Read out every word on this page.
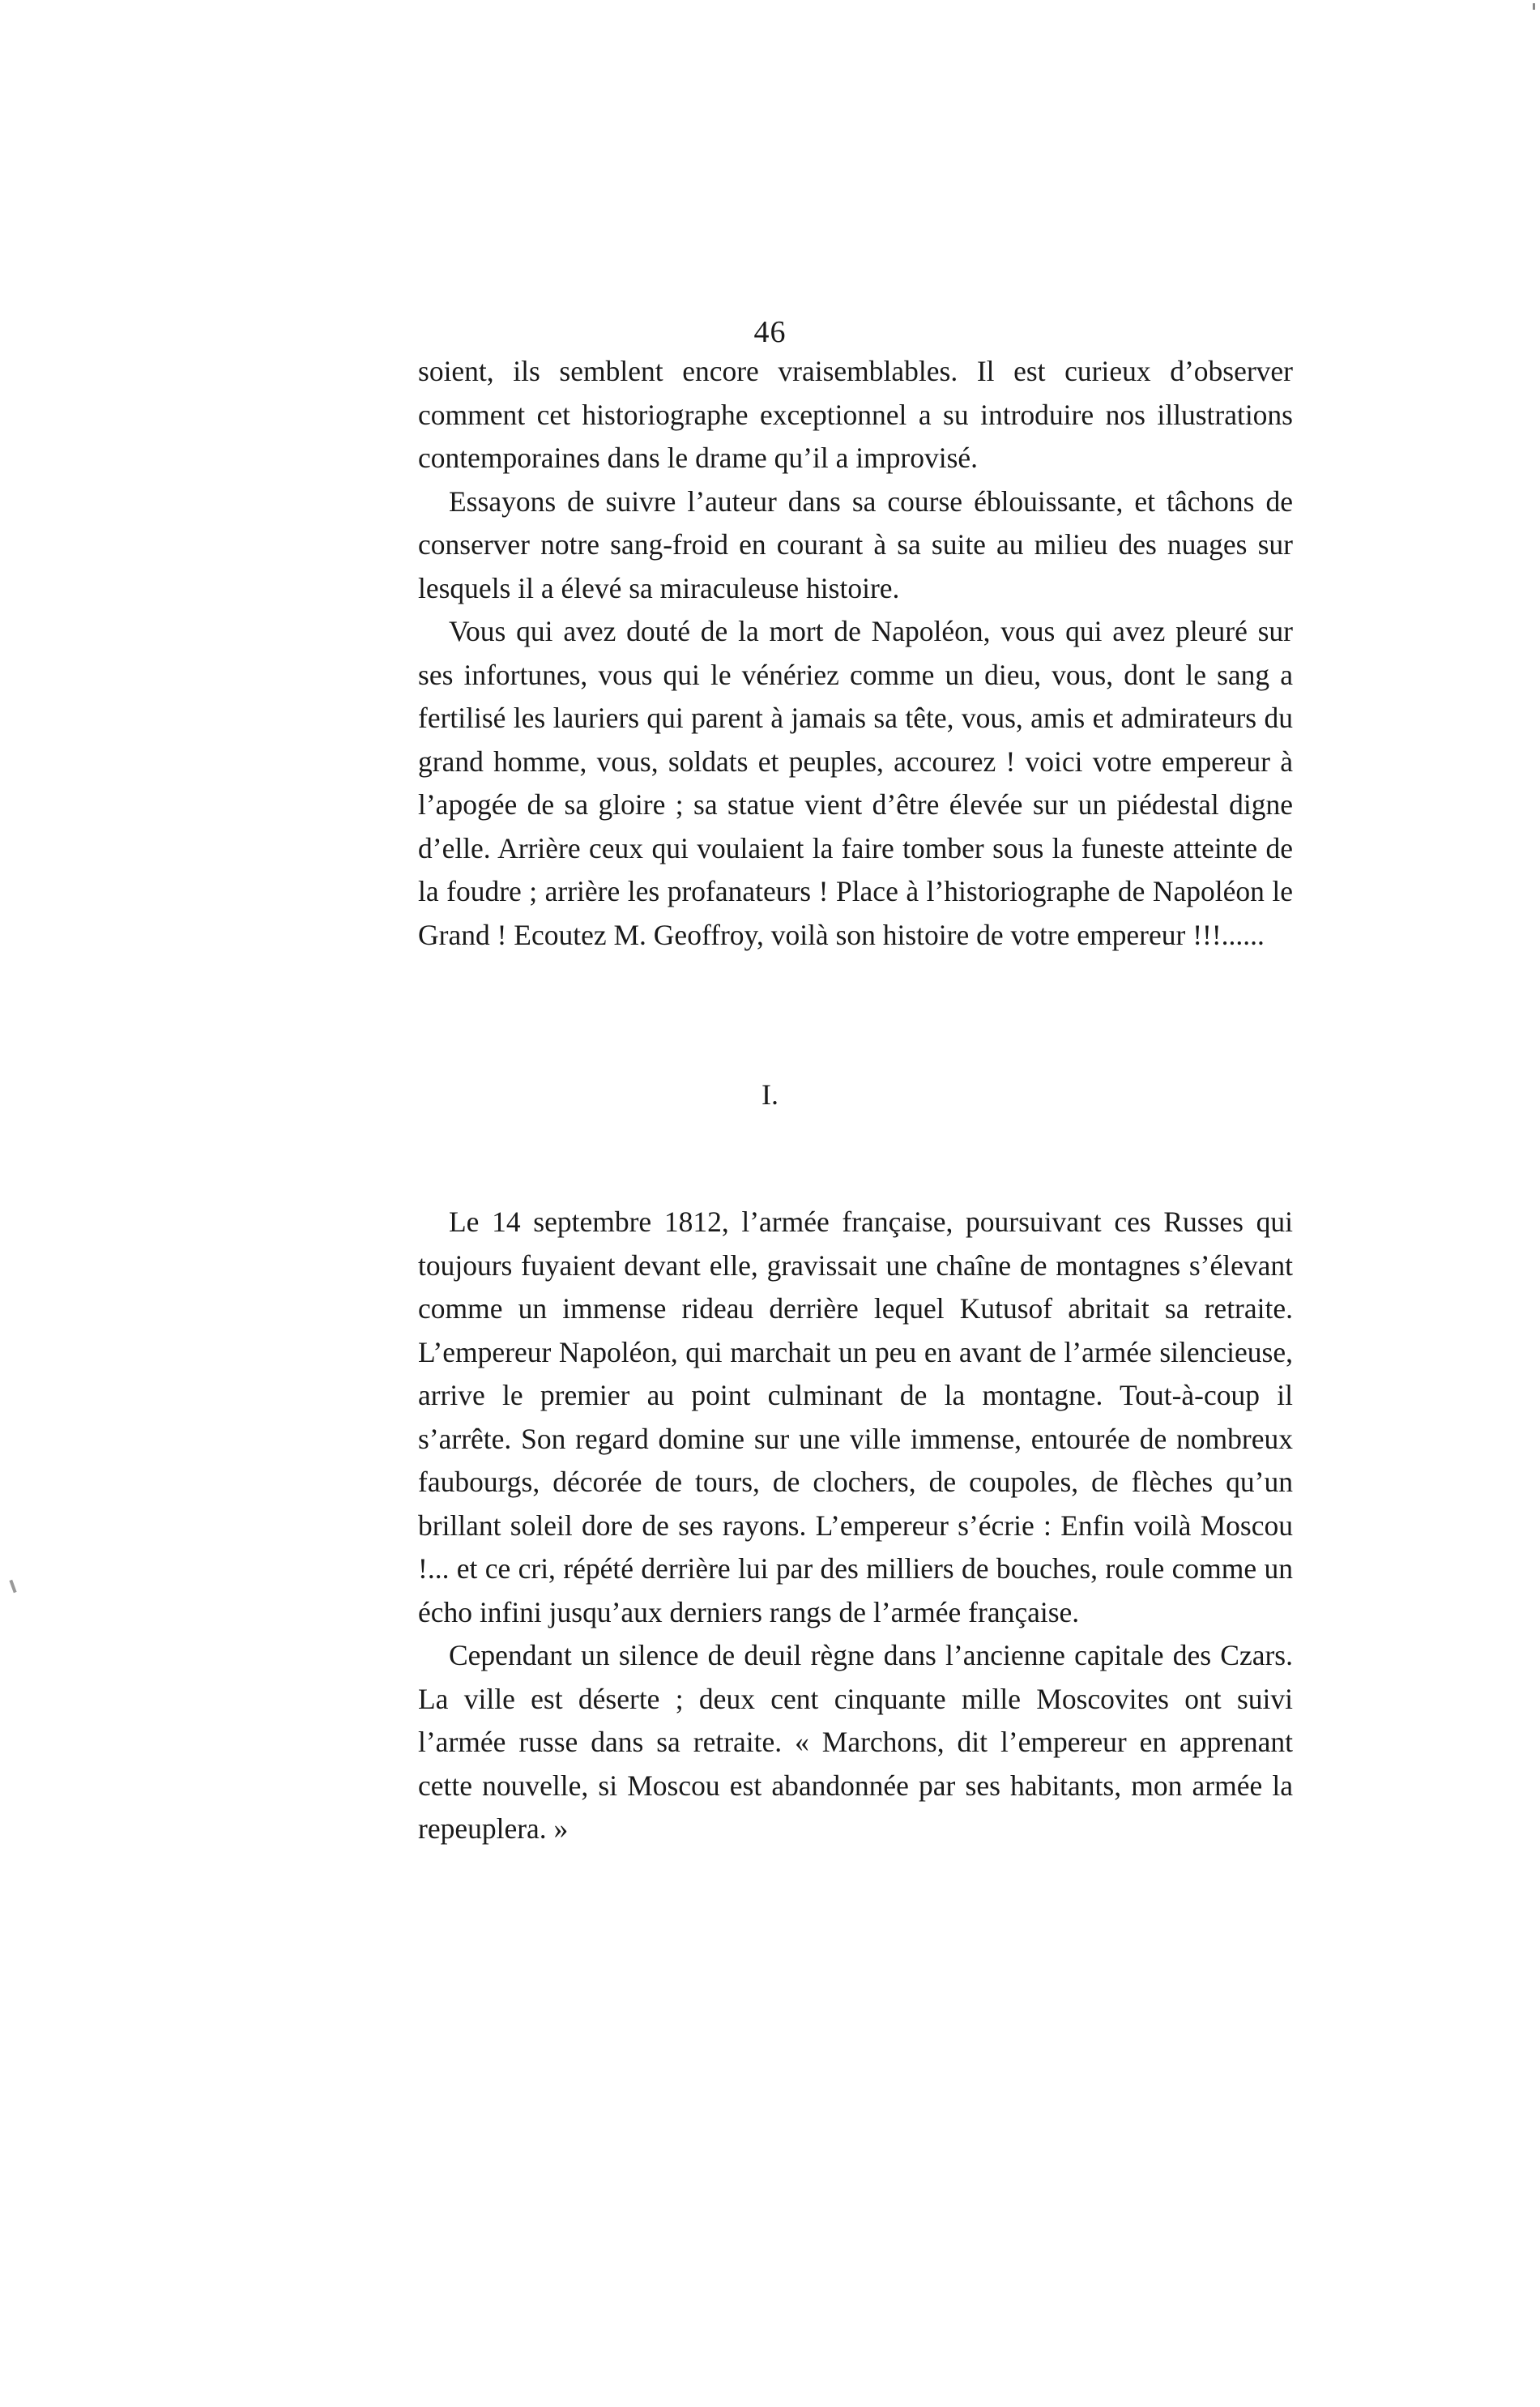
46

soient, ils semblent encore vraisemblables. Il est curieux d’observer comment cet historiographe exceptionnel a su introduire nos illustrations contemporaines dans le drame qu’il a improvisé.

Essayons de suivre l’auteur dans sa course éblouissante, et tâchons de conserver notre sang-froid en courant à sa suite au milieu des nuages sur lesquels il a élevé sa miraculeuse histoire.

Vous qui avez douté de la mort de Napoléon, vous qui avez pleuré sur ses infortunes, vous qui le vénériez comme un dieu, vous, dont le sang a fertilisé les lauriers qui parent à jamais sa tête, vous, amis et admirateurs du grand homme, vous, soldats et peuples, accourez ! voici votre empereur à l’apogée de sa gloire ; sa statue vient d’être élevée sur un piédestal digne d’elle. Arrière ceux qui voulaient la faire tomber sous la funeste atteinte de la foudre ; arrière les profanateurs ! Place à l’historiographe de Napoléon le Grand ! Ecoutez M. Geoffroy, voilà son histoire de votre empereur !!!......

I.

Le 14 septembre 1812, l’armée française, poursuivant ces Russes qui toujours fuyaient devant elle, gravissait une chaîne de montagnes s’élevant comme un immense rideau derrière lequel Kutusof abritait sa retraite. L’empereur Napoléon, qui marchait un peu en avant de l’armée silencieuse, arrive le premier au point culminant de la montagne. Tout-à-coup il s’arrête. Son regard domine sur une ville immense, entourée de nombreux faubourgs, décorée de tours, de clochers, de coupoles, de flèches qu’un brillant soleil dore de ses rayons. L’empereur s’écrie : Enfin voilà Moscou !... et ce cri, répété derrière lui par des milliers de bouches, roule comme un écho infini jusqu’aux derniers rangs de l’armée française.

Cependant un silence de deuil règne dans l’ancienne capitale des Czars. La ville est déserte ; deux cent cinquante mille Moscovites ont suivi l’armée russe dans sa retraite. « Marchons, dit l’empereur en apprenant cette nouvelle, si Moscou est abandonnée par ses habitants, mon armée la repeuplera. »
